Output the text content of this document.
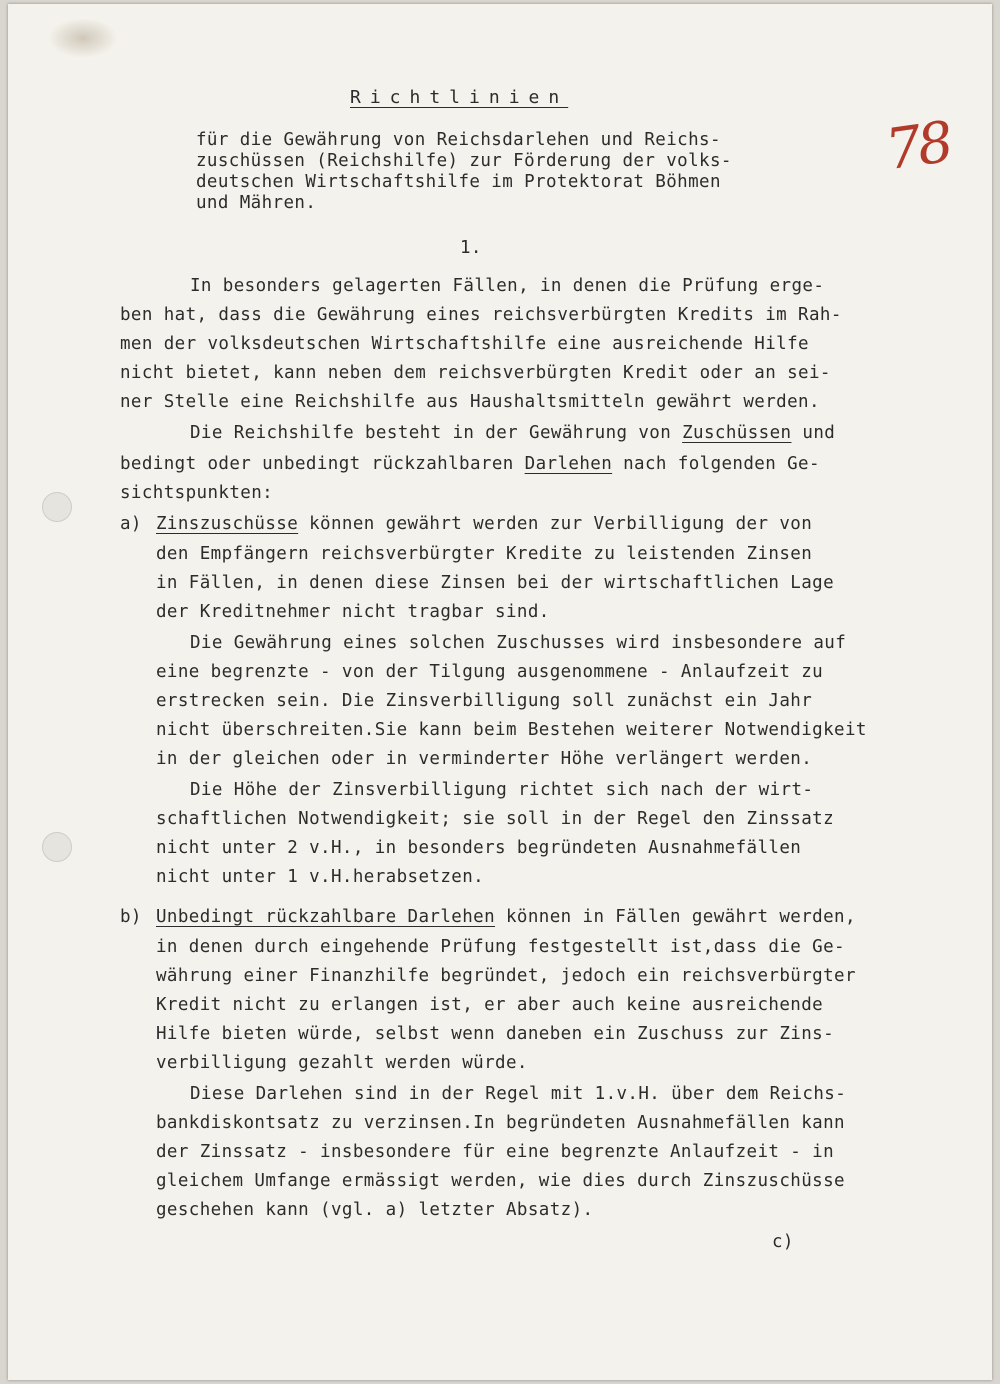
78
Richtlinien
für die Gewährung von Reichsdarlehen und Reichs-
zuschüssen (Reichshilfe) zur Förderung der volks-
deutschen Wirtschaftshilfe im Protektorat Böhmen
und Mähren.
1.
In besonders gelagerten Fällen, in denen die Prüfung erge-
ben hat, dass die Gewährung eines reichsverbürgten Kredits im Rah-
men der volksdeutschen Wirtschaftshilfe eine ausreichende Hilfe
nicht bietet, kann neben dem reichsverbürgten Kredit oder an sei-
ner Stelle eine Reichshilfe aus Haushaltsmitteln gewährt werden.
Die Reichshilfe besteht in der Gewährung von Zuschüssen und
bedingt oder unbedingt rückzahlbaren Darlehen nach folgenden Ge-
sichtspunkten:
a) Zinszuschüsse können gewährt werden zur Verbilligung der von
den Empfängern reichsverbürgter Kredite zu leistenden Zinsen
in Fällen, in denen diese Zinsen bei der wirtschaftlichen Lage
der Kreditnehmer nicht tragbar sind.
Die Gewährung eines solchen Zuschusses wird insbesondere auf
eine begrenzte - von der Tilgung ausgenommene - Anlaufzeit zu
erstrecken sein. Die Zinsverbilligung soll zunächst ein Jahr
nicht überschreiten.Sie kann beim Bestehen weiterer Notwendigkeit
in der gleichen oder in verminderter Höhe verlängert werden.
Die Höhe der Zinsverbilligung richtet sich nach der wirt-
schaftlichen Notwendigkeit; sie soll in der Regel den Zinssatz
nicht unter 2 v.H., in besonders begründeten Ausnahmefällen
nicht unter 1 v.H.herabsetzen.
b) Unbedingt rückzahlbare Darlehen können in Fällen gewährt werden,
in denen durch eingehende Prüfung festgestellt ist,dass die Ge-
währung einer Finanzhilfe begründet, jedoch ein reichsverbürgter
Kredit nicht zu erlangen ist, er aber auch keine ausreichende
Hilfe bieten würde, selbst wenn daneben ein Zuschuss zur Zins-
verbilligung gezahlt werden würde.
Diese Darlehen sind in der Regel mit 1.v.H. über dem Reichs-
bankdiskontsatz zu verzinsen.In begründeten Ausnahmefällen kann
der Zinssatz - insbesondere für eine begrenzte Anlaufzeit - in
gleichem Umfange ermässigt werden, wie dies durch Zinszuschüsse
geschehen kann (vgl. a) letzter Absatz).
c)
